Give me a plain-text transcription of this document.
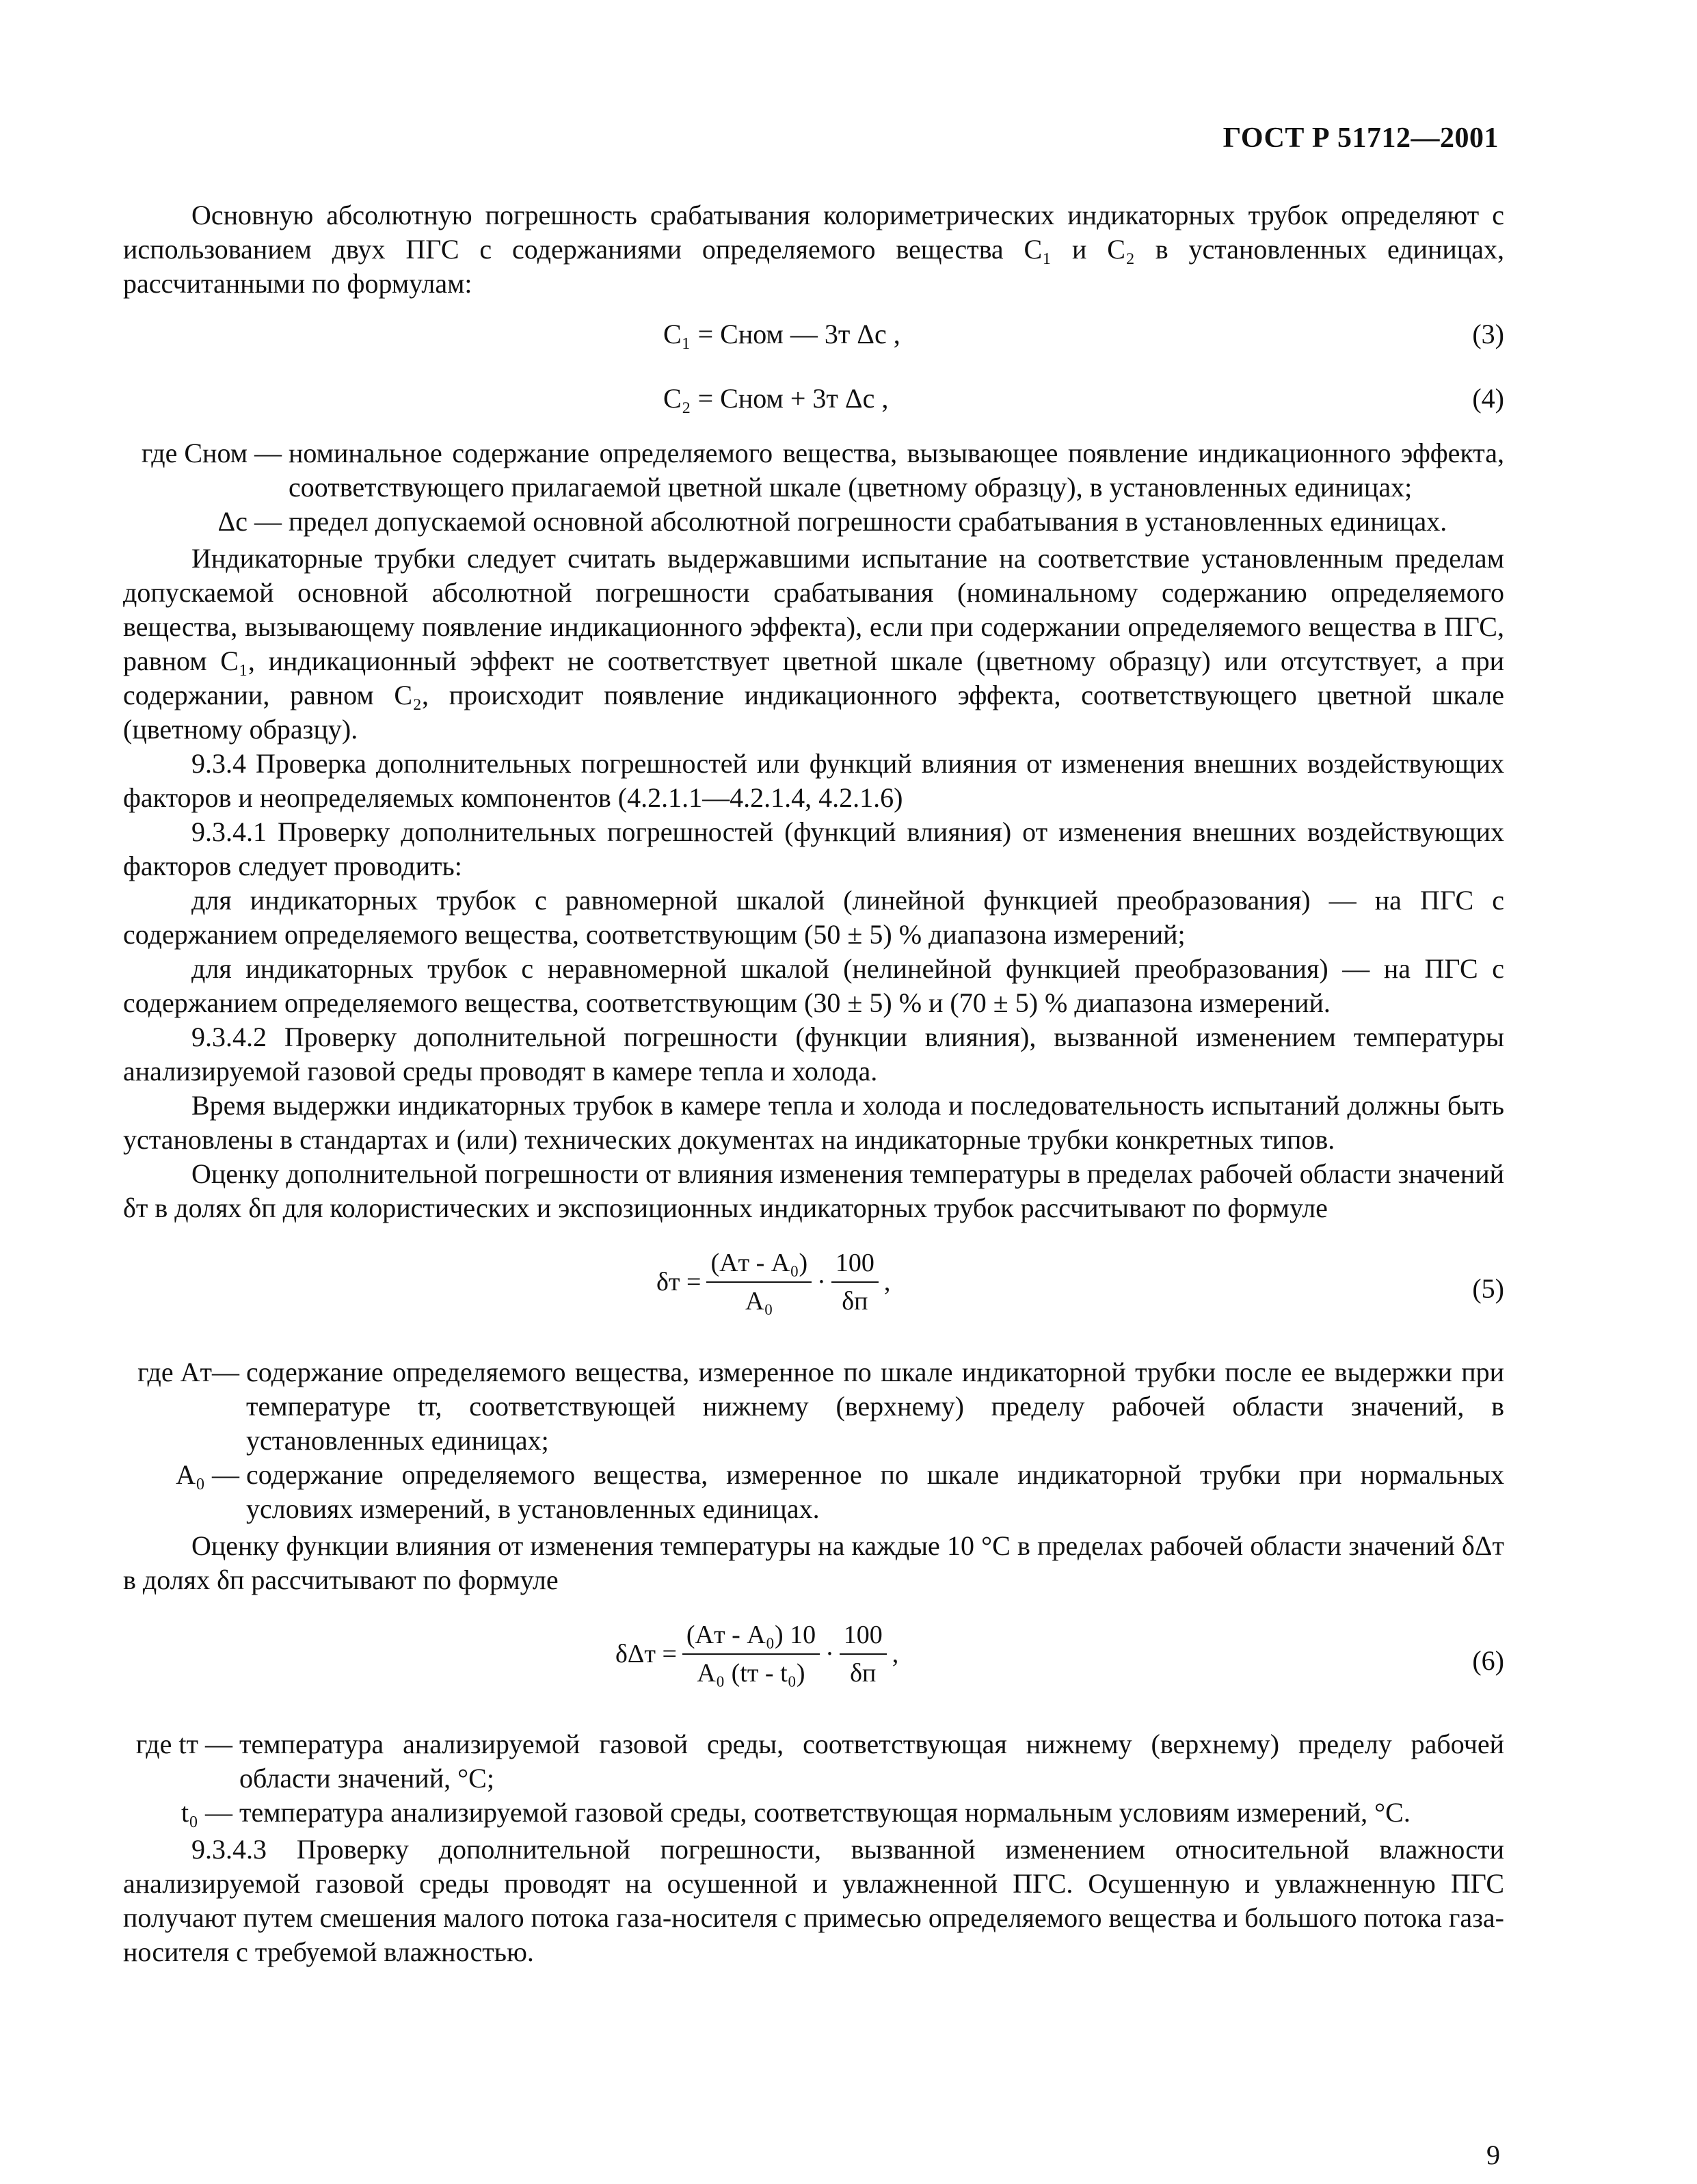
ГОСТ Р 51712—2001

Основную абсолютную погрешность срабатывания колориметрических индикаторных трубок определяют с использованием двух ПГС с содержаниями определяемого вещества C₁ и C₂ в установленных единицах, рассчитанными по формулам:

C₁ = Cном — 3т Δс ,	(3)
C₂ = Cном + 3т Δс ,	(4)
где Cном — номинальное содержание определяемого вещества, вызывающее появление индикационного эффекта, соответствующего прилагаемой цветной шкале (цветному образцу), в установленных единицах;
Δс — предел допускаемой основной абсолютной погрешности срабатывания в установленных единицах.

Индикаторные трубки следует считать выдержавшими испытание на соответствие установленным пределам допускаемой основной абсолютной погрешности срабатывания (номинальному содержанию определяемого вещества, вызывающему появление индикационного эффекта), если при содержании определяемого вещества в ПГС, равном C₁, индикационный эффект не соответствует цветной шкале (цветному образцу) или отсутствует, а при содержании, равном C₂, происходит появление индикационного эффекта, соответствующего цветной шкале (цветному образцу).

9.3.4 Проверка дополнительных погрешностей или функций влияния от изменения внешних воздействующих факторов и неопределяемых компонентов (4.2.1.1—4.2.1.4, 4.2.1.6)

9.3.4.1 Проверку дополнительных погрешностей (функций влияния) от изменения внешних воздействующих факторов следует проводить:

для индикаторных трубок с равномерной шкалой (линейной функцией преобразования) — на ПГС с содержанием определяемого вещества, соответствующим (50 ± 5) % диапазона измерений;

для индикаторных трубок с неравномерной шкалой (нелинейной функцией преобразования) — на ПГС с содержанием определяемого вещества, соответствующим (30 ± 5) % и (70 ± 5) % диапазона измерений.

9.3.4.2 Проверку дополнительной погрешности (функции влияния), вызванной изменением температуры анализируемой газовой среды проводят в камере тепла и холода.

Время выдержки индикаторных трубок в камере тепла и холода и последовательность испытаний должны быть установлены в стандартах и (или) технических документах на индикаторные трубки конкретных типов.

Оценку дополнительной погрешности от влияния изменения температуры в пределах рабочей области значений δт в долях δп для колористических и экспозиционных индикаторных трубок рассчитывают по формуле

$\delta т = \frac{\text{(Aт - A₀)}}{\text{A₀}} \cdot \frac{100}{\delta п}$ ,	(5)
где Aт— содержание определяемого вещества, измеренное по шкале индикаторной трубки после ее выдержки при температуре tт, соответствующей нижнему (верхнему) пределу рабочей области значений, в установленных единицах;
A₀ — содержание определяемого вещества, измеренное по шкале индикаторной трубки при нормальных условиях измерений, в установленных единицах.

Оценку функции влияния от изменения температуры на каждые 10 °С в пределах рабочей области значений δΔт в долях δп рассчитывают по формуле

$\delta\Delta т = \frac{\text{(Aт - A₀) 10}}{\text{A₀ (tт - t₀)}} \cdot \frac{100}{\delta п}$ ,	(6)
где tт — температура анализируемой газовой среды, соответствующая нижнему (верхнему) пределу рабочей области значений, °С;
t₀ — температура анализируемой газовой среды, соответствующая нормальным условиям измерений, °С.

9.3.4.3 Проверку дополнительной погрешности, вызванной изменением относительной влажности анализируемой газовой среды проводят на осушенной и увлажненной ПГС. Осушенную и увлажненную ПГС получают путем смешения малого потока газа-носителя с примесью определяемого вещества и большого потока газа-носителя с требуемой влажностью.

9
